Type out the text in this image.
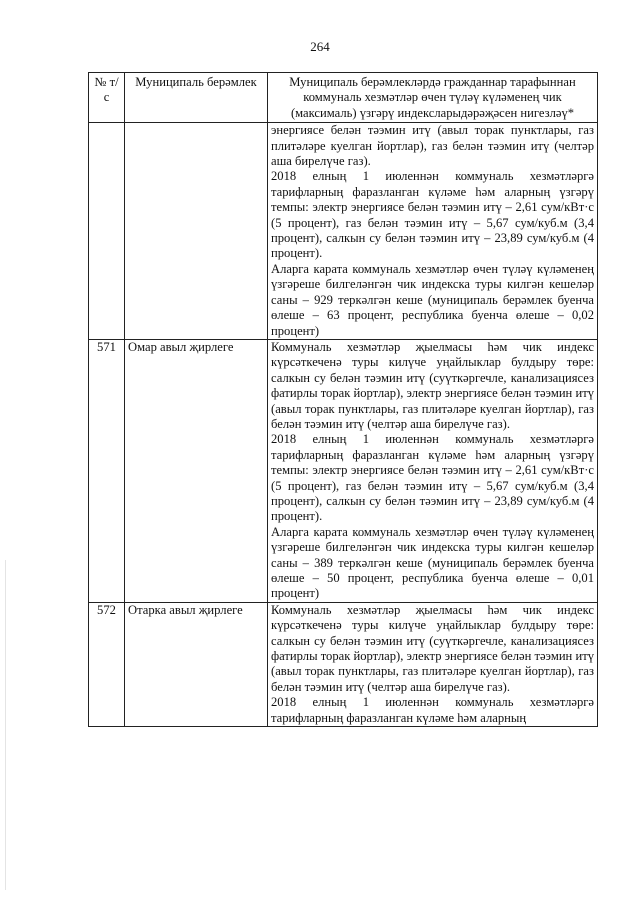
264
№ т/с	Муниципаль берәмлек	Муниципаль берәмлекләрдә гражданнар тарафыннан коммуналь хезмәтләр өчен түләү күләменең чик (максималь) үзгәрү индексларыдәрәҗәсен нигезләү*

		энергиясе белән тәэмин итү (авыл торак пунктлары, газ плитәләре куелган йортлар), газ белән тәэмин итү (челтәр аша бирелүче газ).
2018 елның 1 июленнән коммуналь хезмәтләргә тарифларның фаразланган күләме һәм аларның үзгәрү темпы: электр энергиясе белән тәэмин итү – 2,61 сум/кВт·с (5 процент), газ белән тәэмин итү – 5,67 сум/куб.м (3,4 процент), салкын су белән тәэмин итү – 23,89 сум/куб.м (4 процент).
Аларга карата коммуналь хезмәтләр өчен түләү күләменең үзгәреше билгеләнгән чик индекска туры килгән кешеләр саны – 929 теркәлгән кеше (муниципаль берәмлек буенча өлеше – 63 процент, республика буенча өлеше – 0,02 процент)

571	Омар авыл җирлеге	Коммуналь хезмәтләр җыелмасы һәм чик индекс күрсәткеченә туры килүче уңайлыклар булдыру төре: салкын су белән тәэмин итү (суүткәргечле, канализациясез фатирлы торак йортлар), электр энергиясе белән тәэмин итү (авыл торак пунктлары, газ плитәләре куелган йортлар), газ белән тәэмин итү (челтәр аша бирелүче газ).
2018 елның 1 июленнән коммуналь хезмәтләргә тарифларның фаразланган күләме һәм аларның үзгәрү темпы: электр энергиясе белән тәэмин итү – 2,61 сум/кВт·с (5 процент), газ белән тәэмин итү – 5,67 сум/куб.м (3,4 процент), салкын су белән тәэмин итү – 23,89 сум/куб.м (4 процент).
Аларга карата коммуналь хезмәтләр өчен түләү күләменең үзгәреше билгеләнгән чик индекска туры килгән кешеләр саны – 389 теркәлгән кеше (муниципаль берәмлек буенча өлеше – 50 процент, республика буенча өлеше – 0,01 процент)

572	Отарка авыл җирлеге	Коммуналь хезмәтләр җыелмасы һәм чик индекс күрсәткеченә туры килүче уңайлыклар булдыру төре: салкын су белән тәэмин итү (суүткәргечле, канализациясез фатирлы торак йортлар), электр энергиясе белән тәэмин итү (авыл торак пунктлары, газ плитәләре куелган йортлар), газ белән тәэмин итү (челтәр аша бирелүче газ).
2018 елның 1 июленнән коммуналь хезмәтләргә тарифларның фаразланган күләме һәм аларның
